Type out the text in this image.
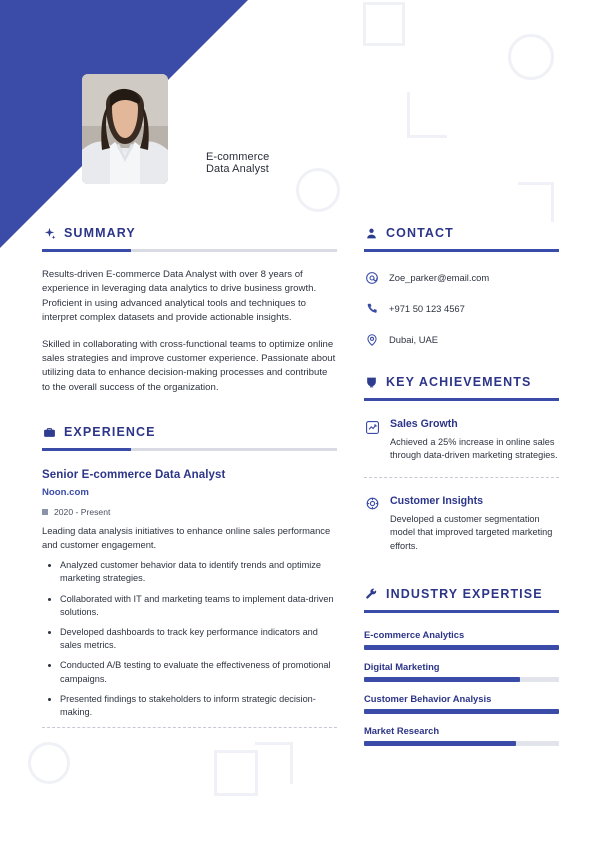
Zoe
Parker
E-commerce Data Analyst
SUMMARY

Results-driven E-commerce Data Analyst with over 8 years of experience in leveraging data analytics to drive business growth. Proficient in using advanced analytical tools and techniques to interpret complex datasets and provide actionable insights.

Skilled in collaborating with cross-functional teams to optimize online sales strategies and improve customer experience. Passionate about utilizing data to enhance decision-making processes and contribute to the overall success of the organization.

EXPERIENCE
Senior E-commerce Data Analyst
Noon.com
2020 - Present
Leading data analysis initiatives to enhance online sales performance and customer engagement.
• Analyzed customer behavior data to identify trends and optimize marketing strategies.
• Collaborated with IT and marketing teams to implement data-driven solutions.
• Developed dashboards to track key performance indicators and sales metrics.
• Conducted A/B testing to evaluate the effectiveness of promotional campaigns.
• Presented findings to stakeholders to inform strategic decision-making.
CONTACT
Zoe_parker@email.com
+971 50 123 4567
Dubai, UAE
KEY ACHIEVEMENTS
Sales Growth
Achieved a 25% increase in online sales through data-driven marketing strategies.
Customer Insights
Developed a customer segmentation model that improved targeted marketing efforts.
INDUSTRY EXPERTISE
E-commerce Analytics
Digital Marketing
Customer Behavior Analysis
Market Research
